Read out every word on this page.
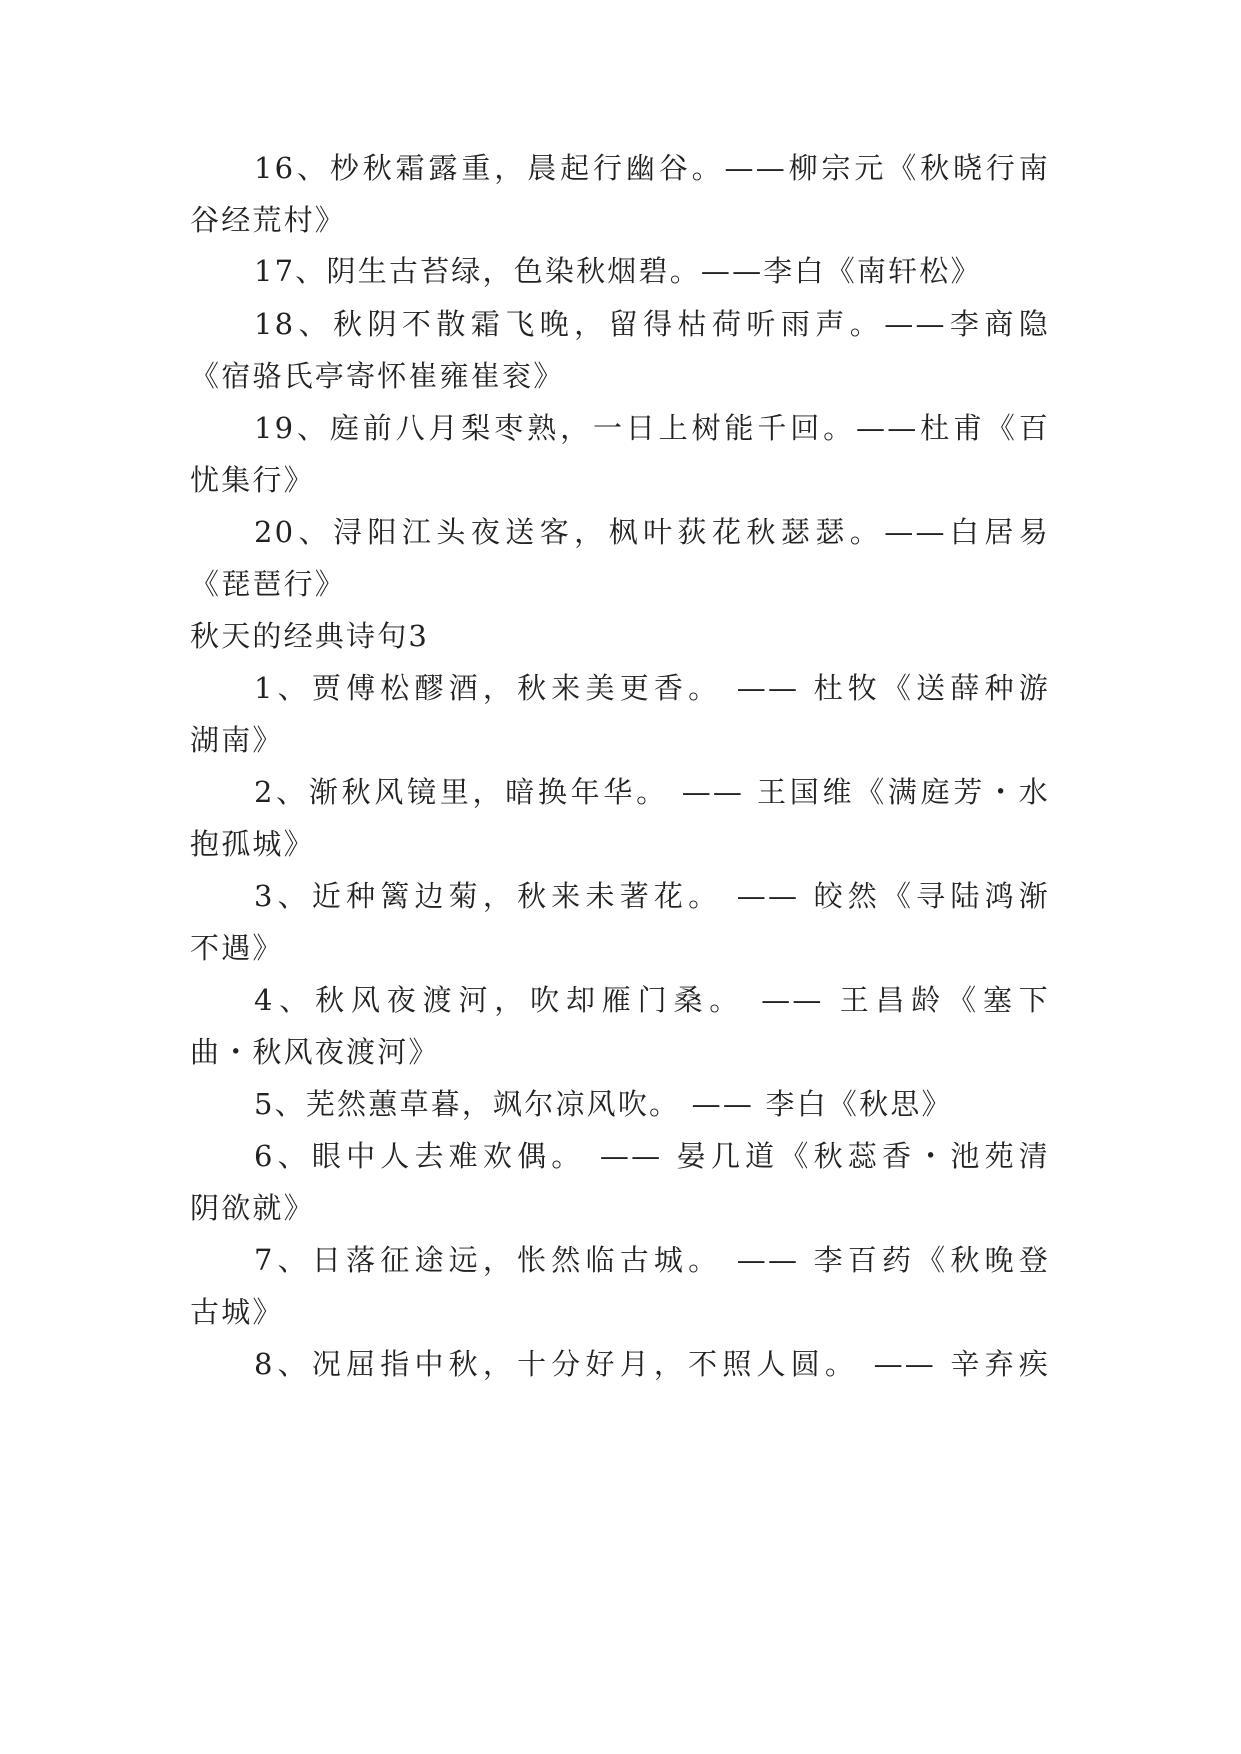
16、杪秋霜露重，晨起行幽谷。——柳宗元《秋晓行南
谷经荒村》
17、阴生古苔绿，色染秋烟碧。——李白《南轩松》
18、秋阴不散霜飞晚，留得枯荷听雨声。——李商隐
《宿骆氏亭寄怀崔雍崔衮》
19、庭前八月梨枣熟，一日上树能千回。——杜甫《百
忧集行》
20、浔阳江头夜送客，枫叶荻花秋瑟瑟。——白居易
《琵琶行》
秋天的经典诗句3
1、贾傅松醪酒，秋来美更香。 —— 杜牧《送薛种游
湖南》
2、渐秋风镜里，暗换年华。 —— 王国维《满庭芳・水
抱孤城》
3、近种篱边菊，秋来未著花。 —— 皎然《寻陆鸿渐
不遇》
4、秋风夜渡河，吹却雁门桑。 —— 王昌龄《塞下
曲・秋风夜渡河》
5、芜然蕙草暮，飒尔凉风吹。 —— 李白《秋思》
6、眼中人去难欢偶。 —— 晏几道《秋蕊香・池苑清
阴欲就》
7、日落征途远，怅然临古城。 —— 李百药《秋晚登
古城》
8、况屈指中秋，十分好月，不照人圆。 —— 辛弃疾
